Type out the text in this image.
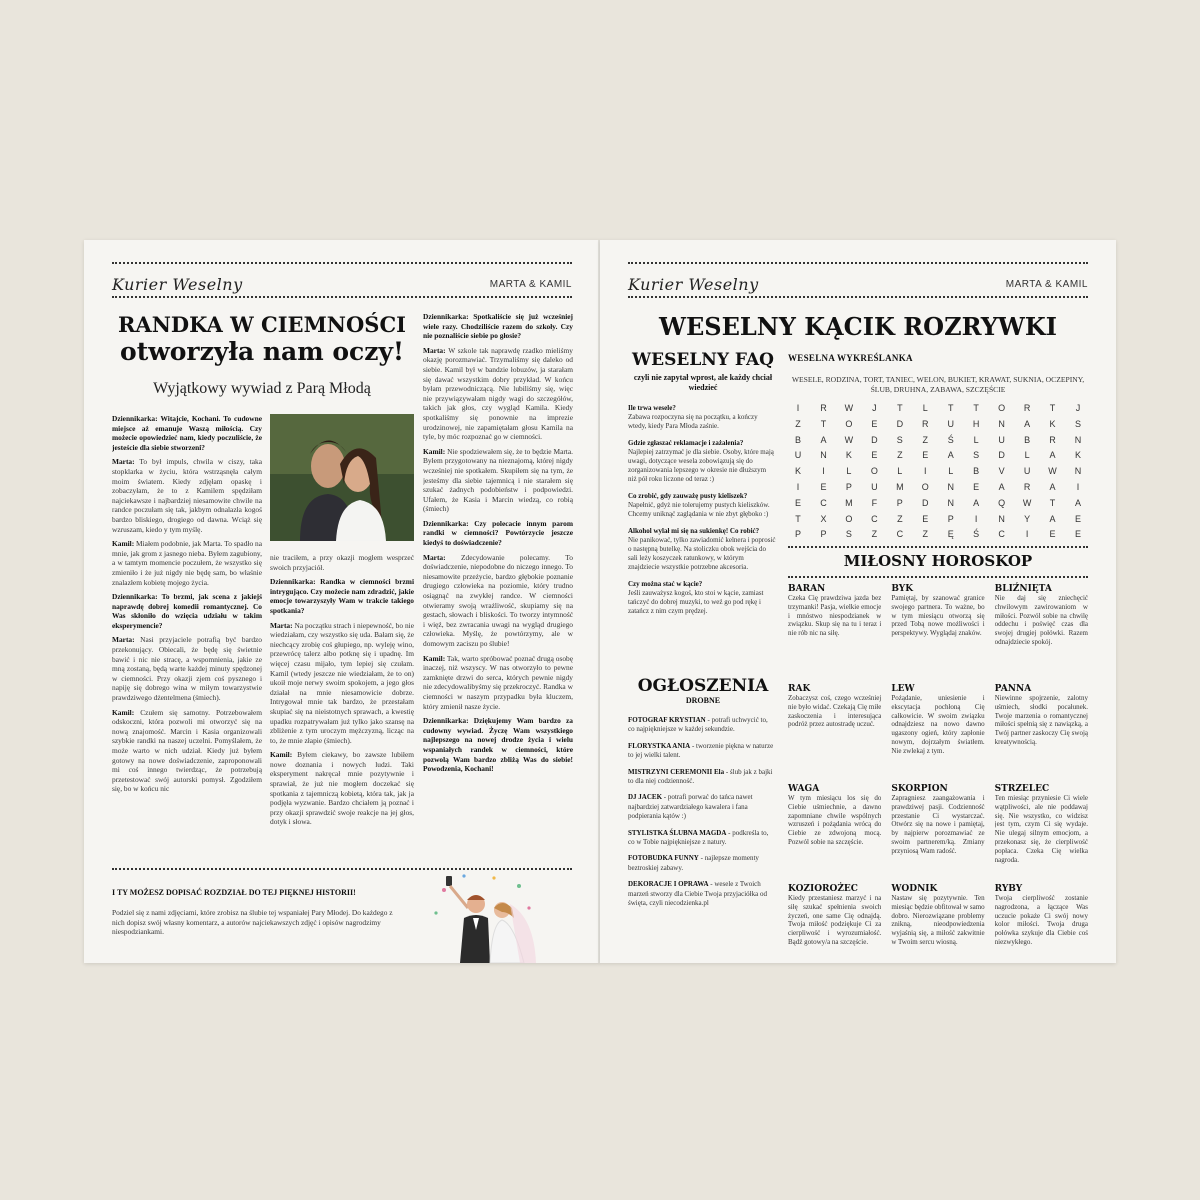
Kurier Weselny	MARTA & KAMIL
RANDKA W CIEMNOŚCI
otworzyła nam oczy!
Wyjątkowy wywiad z Parą Młodą

Dziennikarka: Witajcie, Kochani. To cudowne miejsce aż emanuje Waszą miłością. Czy możecie opowiedzieć nam, kiedy poczuliście, że jesteście dla siebie stworzeni?

Marta: To był impuls, chwila w ciszy, taka stopklarka w życiu, która wstrząsnęła całym moim światem. Kiedy zdjęłam opaskę i zobaczyłam, że to z Kamilem spędziłam najciekawsze i najbardziej niesamowite chwile na randce poczułam się tak, jakbym odnalazła kogoś bardzo bliskiego, drogiego od dawna. Wciąż się wzruszam, kiedo y tym myślę.

Kamil: Miałem podobnie, jak Marta. To spadło na mnie, jak grom z jasnego nieba. Byłem zagubiony, a w tamtym momencie poczułem, że wszystko się zmieniło i że już nigdy nie będę sam, bo właśnie znalazłem kobietę mojego życia.

Dziennikarka: To brzmi, jak scena z jakiejś naprawdę dobrej komedii romantycznej. Co Was skłoniło do wzięcia udziału w takim eksperymencie?

Marta: Nasi przyjaciele potrafią być bardzo przekonujący. Obiecali, że będę się świetnie bawić i nic nie stracę, a wspomnienia, jakie ze mną zostaną, będą warte każdej minuty spędzonej w ciemności. Przy okazji zjem coś pysznego i napiję się dobrego wina w miłym towarzystwie prawdziwego dżentelmena (śmiech).

Kamil: Czułem się samotny. Potrzebowałem odskoczni, która pozwoli mi otworzyć się na nową znajomość. Marcin i Kasia organizowali szybkie randki na naszej uczelni. Pomyślałem, że może warto w nich udział. Kiedy już byłem gotowy na nowe doświadczenie, zaproponowali mi coś innego twierdząc, że potrzebują przetestować swój autorski pomysł. Zgodziłem się, bo w końcu nic

nie traciłem, a przy okazji mogłem wesprzeć swoich przyjaciół.

Dziennikarka: Randka w ciemności brzmi intrygująco. Czy możecie nam zdradzić, jakie emocje towarzyszyły Wam w trakcie takiego spotkania?

Marta: Na początku strach i niepewność, bo nie wiedziałam, czy wszystko się uda. Bałam się, że niechcący zrobię coś głupiego, np. wyleję wino, przewrócę talerz albo potknę się i upadnę. Im więcej czasu mijało, tym lepiej się czułam. Kamil (wtedy jeszcze nie wiedziałam, że to on) ukoił moje nerwy swoim spokojem, a jego głos działał na mnie niesamowicie dobrze. Intrygował mnie tak bardzo, że przestałam skupiać się na nieistotnych sprawach, a kwestię upadku rozpatrywałam już tylko jako szansę na zbliżenie z tym uroczym mężczyzną, licząc na to, że mnie złapie (śmiech).

Kamil: Byłem ciekawy, bo zawsze lubiłem nowe doznania i nowych ludzi. Taki eksperyment nakręcał mnie pozytywnie i sprawiał, że już nie mogłem doczekać się spotkania z tajemniczą kobietą, która tak, jak ja podjęła wyzwanie. Bardzo chciałem ją poznać i przy okazji sprawdzić swoje reakcje na jej głos, dotyk i słowa.

Dziennikarka: Spotkaliście się już wcześniej wiele razy. Chodziliście razem do szkoły. Czy nie poznaliście siebie po głosie?

Marta: W szkole tak naprawdę rzadko mieliśmy okazję porozmawiać. Trzymaliśmy się daleko od siebie. Kamil był w bandzie łobuzów, ja starałam się dawać wszystkim dobry przykład. W końcu byłam przewodniczącą. Nie lubiliśmy się, więc nie przywiązywałam nigdy wagi do szczegółów, takich jak głos, czy wygląd Kamila. Kiedy spotkaliśmy się ponownie na imprezie urodzinowej, nie zapamiętałam głosu Kamila na tyle, by móc rozpoznać go w ciemności.

Kamil: Nie spodziewałem się, że to będzie Marta. Byłem przygotowany na nieznajomą, której nigdy wcześniej nie spotkałem. Skupiłem się na tym, że jesteśmy dla siebie tajemnicą i nie starałem się szukać żadnych podobieństw i podpowiedzi. Ufałem, że Kasia i Marcin wiedzą, co robią (śmiech)

Dziennikarka: Czy polecacie innym parom randki w ciemności? Powtórzycie jeszcze kiedyś to doświadczenie?

Marta: Zdecydowanie polecamy. To doświadczenie, niepodobne do niczego innego. To niesamowite przeżycie, bardzo głębokie poznanie drugiego człowieka na poziomie, który trudno osiągnąć na zwykłej randce. W ciemności otwieramy swoją wrażliwość, skupiamy się na gestach, słowach i bliskości. To tworzy intymność i więź, bez zwracania uwagi na wygląd drugiego człowieka. Myślę, że powtórzymy, ale w domowym zaciszu po ślubie!

Kamil: Tak, warto spróbować poznać drugą osobę inaczej, niż wszyscy. W nas otworzyło to pewne zamknięte drzwi do serca, których pewnie nigdy nie zdecydowalibyśmy się przekroczyć. Randka w ciemności w naszym przypadku była kluczem, który zmienił nasze życie.

Dziennikarka: Dziękujemy Wam bardzo za cudowny wywiad. Życzę Wam wszystkiego najlepszego na nowej drodze życia i wielu wspaniałych randek w ciemności, które pozwolą Wam bardzo zbliżą Was do siebie! Powodzenia, Kochani!

I TY MOŻESZ DOPISAĆ ROZDZIAŁ DO TEJ PIĘKNEJ HISTORII!
Podziel się z nami zdjęciami, które zrobisz na ślubie tej wspaniałej Pary Młodej. Do każdego z nich dopisz swój własny komentarz, a autorów najciekawszych zdjęć i opisów nagrodzimy niespodziankami.
Kurier Weselny	MARTA & KAMIL
WESELNY KĄCIK ROZRYWKI
WESELNY FAQ
czyli nie zapytał wprost, ale każdy chciał wiedzieć
Ile trwa wesele?
Zabawa rozpoczyna się na początku, a kończy wtedy, kiedy Para Młoda zaśnie.
Gdzie zgłaszać reklamacje i zażalenia?
Najlepiej zatrzymać je dla siebie. Osoby, które mają uwagi, dotyczące wesela zobowiązują się do zorganizowania lepszego w okresie nie dłuższym niż pół roku liczone od teraz :)
Co zrobić, gdy zauważę pusty kieliszek?
Napełnić, gdyż nie tolerujemy pustych kieliszków. Chcemy uniknąć zaglądania w nie zbyt głęboko :)
Alkohol wylał mi się na sukienkę! Co robić?
Nie panikować, tylko zawiadomić kelnera i poprosić o następną butelkę. Na stoliczku obok wejścia do sali leży koszyczek ratunkowy, w którym znajdziecie wszystkie potrzebne akcesoria.
Czy można stać w kącie?
Jeśli zauważysz kogoś, kto stoi w kącie, zamiast tańczyć do dobrej muzyki, to weź go pod rękę i zatańcz z nim czym prędzej.
OGŁOSZENIA
DROBNE
FOTOGRAF KRYSTIAN - potrafi uchwycić to, co najpiękniejsze w każdej sekundzie.
FLORYSTKA ANIA - tworzenie piękna w naturze to jej wielki talent.
MISTRZYNI CEREMONII Ela - ślub jak z bajki to dla niej codzienność.
DJ JACEK - potrafi porwać do tańca nawet najbardziej zatwardziałego kawalera i fana podpierania kątów :)
STYLISTKA ŚLUBNA MAGDA - podkreśla to, co w Tobie najpiękniejsze z natury.
FOTOBUDKA FUNNY - najlepsze momenty beztroskiej zabawy.
DEKORACJE I OPRAWA - wesele z Twoich marzeń stworzy dla Ciebie Twoja przyjaciółka od święta, czyli niecodzienka.pl
WESELNA WYKREŚLANKA
WESELE, RODZINA, TORT, TANIEC, WELON, BUKIET, KRAWAT, SUKNIA, OCZEPINY, ŚLUB, DRUHNA, ZABAWA, SZCZĘŚCIE
I	R	W	J	T	L	T	T	O	R	T	J
Z	T	O	E	D	R	U	H	N	A	K	S
B	A	W	D	S	Z	Ś	L	U	B	R	N
U	N	K	E	Z	E	A	S	D	L	A	K
K	I	L	O	L	I	L	B	V	U	W	N
I	E	P	U	M	O	N	E	A	R	A	I
E	C	M	F	P	D	N	A	Q	W	T	A
T	X	O	C	Z	E	P	I	N	Y	A	E
P	P	S	Z	C	Z	Ę	Ś	C	I	E	E
MIŁOSNY HOROSKOP
BARAN
Czeka Cię prawdziwa jazda bez trzymanki! Pasja, wielkie emocje i mnóstwo niespodzianek w związku. Skup się na tu i teraz i nie rób nic na siłę.
BYK
Pamiętaj, by szanować granice swojego partnera. To ważne, bo w tym miesiącu otworzą się przed Tobą nowe możliwości i perspektywy. Wyglądaj znaków.
BLIŹNIĘTA
Nie daj się zniechęcić chwilowym zawirowaniom w miłości. Pozwól sobie na chwilę oddechu i poświęć czas dla swojej drugiej połówki. Razem odnajdziecie spokój.
RAK
Zobaczysz coś, czego wcześniej nie było widać. Czekają Cię miłe zaskoczenia i interesująca podróż przez autostradę uczuć.
LEW
Pożądanie, uniesienie i ekscytacja pochłoną Cię całkowicie. W swoim związku odnajdziesz na nowo dawno ugaszony ogień, który zapłonie nowym, dojrzałym światłem. Nie zwlekaj z tym.
PANNA
Niewinne spojrzenie, zalotny uśmiech, słodki pocałunek. Twoje marzenia o romantycznej miłości spełnią się z nawiązką, a Twój partner zaskoczy Cię swoją kreatywnością.
WAGA
W tym miesiącu los się do Ciebie uśmiechnie, a dawno zapomniane chwile wspólnych wzruszeń i pożądania wrócą do Ciebie ze zdwojoną mocą. Pozwól sobie na szczęście.
SKORPION
Zapragniesz zaangażowania i prawdziwej pasji. Codzienność przestanie Ci wystarczać. Otwórz się na nowe i pamiętaj, by najpierw porozmawiać ze swoim partnerem/ką. Zmiany przyniosą Wam radość.
STRZELEC
Ten miesiąc przyniesie Ci wiele wątpliwości, ale nie poddawaj się. Nie wszystko, co widzisz jest tym, czym Ci się wydaje. Nie ulegaj silnym emocjom, a przekonasz się, że cierpliwość popłaca. Czeka Cię wielka nagroda.
KOZIOROŻEC
Kiedy przestaniesz marzyć i na siłę szukać spełnienia swoich życzeń, one same Cię odnajdą. Twoja miłość podziękuje Ci za cierpliwość i wyrozumiałość. Bądź gotowy/a na szczęście.
WODNIK
Nastaw się pozytywnie. Ten miesiąc będzie obfitował w samo dobro. Nierozwiązane problemy znikną, nieodpowiedzenia wyjaśnią się, a miłość zakwitnie w Twoim sercu wiosną.
RYBY
Twoja cierpliwość zostanie nagrodzona, a łączące Was uczucie pokaże Ci swój nowy kolor miłości. Twoja druga połówka szykuje dla Ciebie coś niezwykłego.
